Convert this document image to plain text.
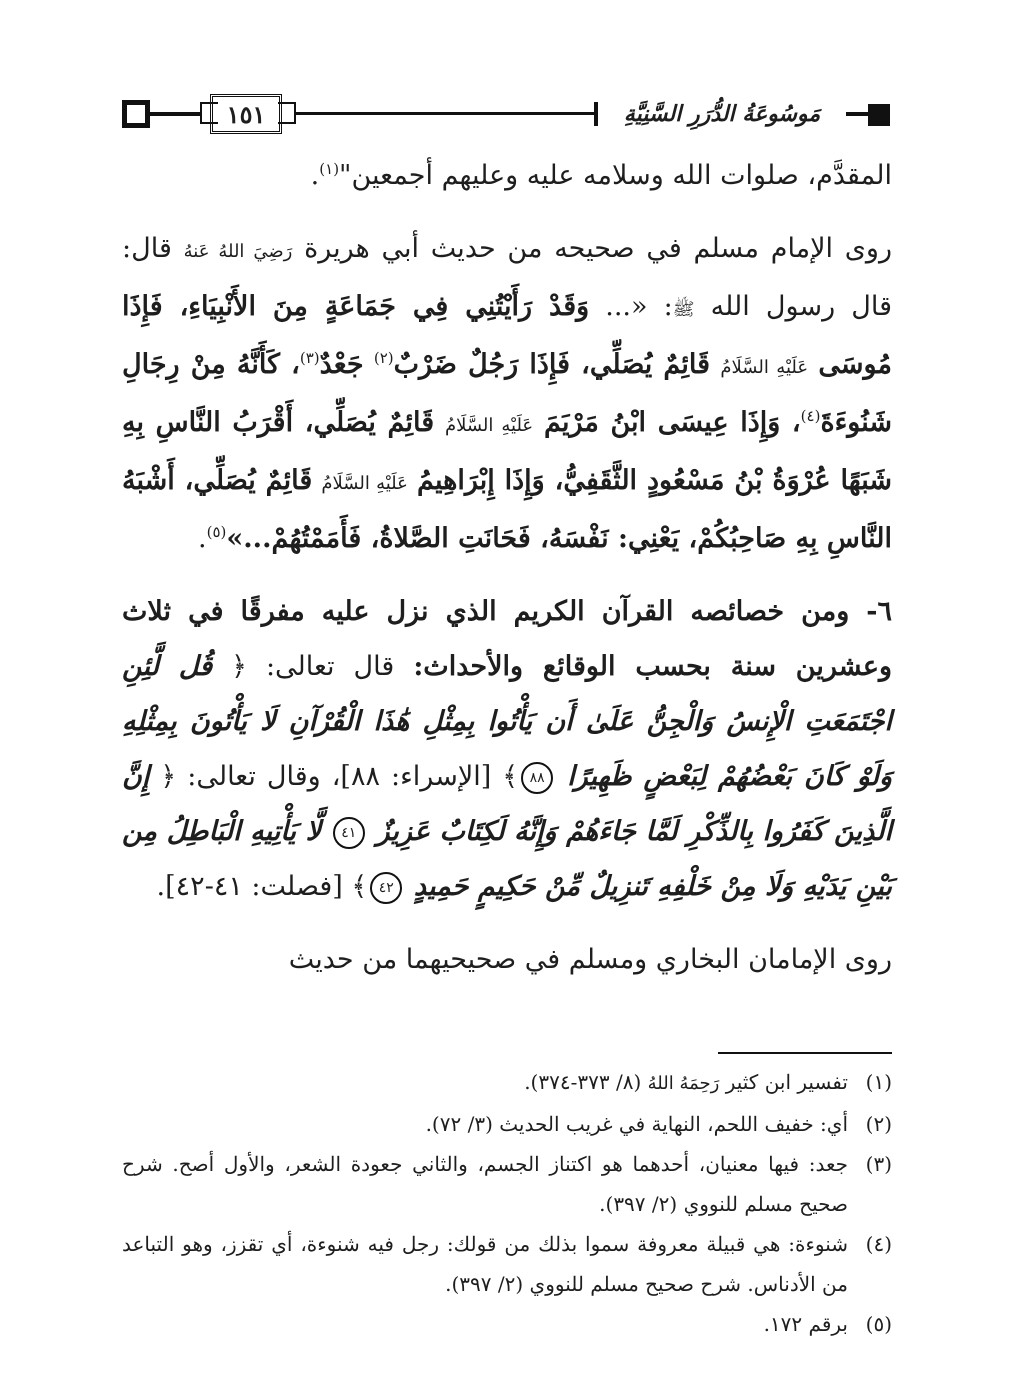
١٥١	مَوسُوعَةُ الدُّرَرِ السَّنِيَّةِ

المقدَّم، صلوات الله وسلامه عليه وعليهم أجمعين"$^{(١)}$.

روى الإمام مسلم في صحيحه من حديث أبي هريرة رَضِيَ اللهُ عَنهُ قال: قال رسول الله ﷺ: «... وَقَدْ رَأَيْتُنِي فِي جَمَاعَةٍ مِنَ الأَنْبِيَاءِ، فَإِذَا مُوسَى عَلَيْهِ السَّلَامُ قَائِمٌ يُصَلِّي، فَإِذَا رَجُلٌ ضَرْبٌ$^{(٢)}$ جَعْدٌ$^{(٣)}$، كَأَنَّهُ مِنْ رِجَالِ شَنُوءَةَ$^{(٤)}$، وَإِذَا عِيسَى ابْنُ مَرْيَمَ عَلَيْهِ السَّلَامُ قَائِمٌ يُصَلِّي، أَقْرَبُ النَّاسِ بِهِ شَبَهًا عُرْوَةُ بْنُ مَسْعُودٍ الثَّقَفِيُّ، وَإِذَا إِبْرَاهِيمُ عَلَيْهِ السَّلَامُ قَائِمٌ يُصَلِّي، أَشْبَهُ النَّاسِ بِهِ صَاحِبُكُمْ، يَعْنِي: نَفْسَهُ، فَحَانَتِ الصَّلاةُ، فَأَمَمْتُهُمْ...»$^{(٥)}$.

٦- ومن خصائصه القرآن الكريم الذي نزل عليه مفرقًا في ثلاث وعشرين سنة بحسب الوقائع والأحداث: قال تعالى: ﴿ قُل لَّئِنِ اجْتَمَعَتِ الْإِنسُ وَالْجِنُّ عَلَىٰ أَن يَأْتُوا بِمِثْلِ هَٰذَا الْقُرْآنِ لَا يَأْتُونَ بِمِثْلِهِ وَلَوْ كَانَ بَعْضُهُمْ لِبَعْضٍ ظَهِيرًا ٨٨﴾ [الإسراء: ٨٨]، وقال تعالى: ﴿ إِنَّ الَّذِينَ كَفَرُوا بِالذِّكْرِ لَمَّا جَاءَهُمْ وَإِنَّهُ لَكِتَابٌ عَزِيزٌ ٤١ لَّا يَأْتِيهِ الْبَاطِلُ مِن بَيْنِ يَدَيْهِ وَلَا مِنْ خَلْفِهِ تَنزِيلٌ مِّنْ حَكِيمٍ حَمِيدٍ ٤٢﴾ [فصلت: ٤١-٤٢].

روى الإمامان البخاري ومسلم في صحيحيهما من حديث

(١)
تفسير ابن كثير رَحِمَهُ اللهُ (٨/ ٣٧٣-٣٧٤).

(٢)
أي: خفيف اللحم، النهاية في غريب الحديث (٣/ ٧٢).

(٣)
جعد: فيها معنيان، أحدهما هو اكتناز الجسم، والثاني جعودة الشعر، والأول أصح. شرح صحيح مسلم للنووي (٢/ ٣٩٧).

(٤)
شنوءة: هي قبيلة معروفة سموا بذلك من قولك: رجل فيه شنوءة، أي تقزز، وهو التباعد من الأدناس. شرح صحيح مسلم للنووي (٢/ ٣٩٧).

(٥)
برقم ١٧٢.
